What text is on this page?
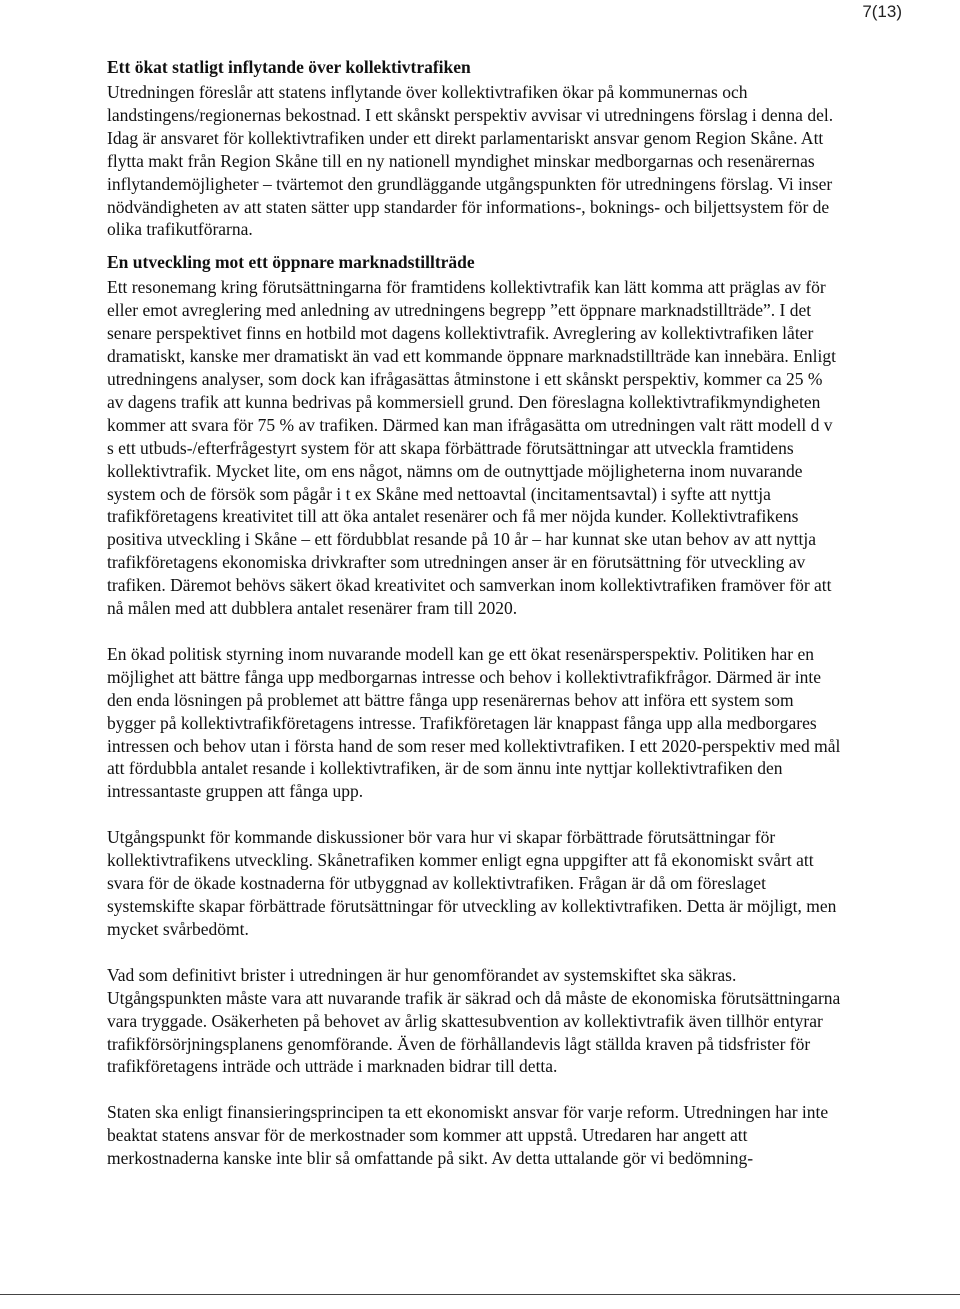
7(13)
Ett ökat statligt inflytande över kollektivtrafiken

Utredningen föreslår att statens inflytande över kollektivtrafiken ökar på kommunernas och landstingens/regionernas bekostnad. I ett skånskt perspektiv avvisar vi utredningens förslag i denna del. Idag är ansvaret för kollektivtrafiken under ett direkt parlamentariskt ansvar genom Region Skåne. Att flytta makt från Region Skåne till en ny nationell myndighet minskar medborgarnas och resenärernas inflytandemöjligheter – tvärtemot den grundläggande utgångspunkten för utredningens förslag. Vi inser nödvändigheten av att staten sätter upp standarder för informations-, boknings- och biljettsystem för de olika trafikutförarna.

En utveckling mot ett öppnare marknadstillträde

Ett resonemang kring förutsättningarna för framtidens kollektivtrafik kan lätt komma att präglas av för eller emot avreglering med anledning av utredningens begrepp ”ett öppnare marknadstillträde”. I det senare perspektivet finns en hotbild mot dagens kollektivtrafik. Avreglering av kollektivtrafiken låter dramatiskt, kanske mer dramatiskt än vad ett kommande öppnare marknadstillträde kan innebära. Enligt utredningens analyser, som dock kan ifrågasättas åtminstone i ett skånskt perspektiv, kommer ca 25 % av dagens trafik att kunna bedrivas på kommersiell grund. Den föreslagna kollektivtrafikmyndigheten kommer att svara för 75 % av trafiken. Därmed kan man ifrågasätta om utredningen valt rätt modell d v s ett utbuds-/efterfrågestyrt system för att skapa förbättrade förutsättningar att utveckla framtidens kollektivtrafik. Mycket lite, om ens något, nämns om de outnyttjade möjligheterna inom nuvarande system och de försök som pågår i t ex Skåne med nettoavtal (incitamentsavtal) i syfte att nyttja trafikföretagens kreativitet till att öka antalet resenärer och få mer nöjda kunder. Kollektivtrafikens positiva utveckling i Skåne – ett fördubblat resande på 10 år – har kunnat ske utan behov av att nyttja trafikföretagens ekonomiska drivkrafter som utredningen anser är en förutsättning för utveckling av trafiken. Däremot behövs säkert ökad kreativitet och samverkan inom kollektivtrafiken framöver för att nå målen med att dubblera antalet resenärer fram till 2020.

En ökad politisk styrning inom nuvarande modell kan ge ett ökat resenärsperspektiv. Politiken har en möjlighet att bättre fånga upp medborgarnas intresse och behov i kollektivtrafikfrågor. Därmed är inte den enda lösningen på problemet att bättre fånga upp resenärernas behov att införa ett system som bygger på kollektivtrafikföretagens intresse. Trafikföretagen lär knappast fånga upp alla medborgares intressen och behov utan i första hand de som reser med kollektivtrafiken. I ett 2020-perspektiv med mål att fördubbla antalet resande i kollektivtrafiken, är de som ännu inte nyttjar kollektivtrafiken den intressantaste gruppen att fånga upp.

Utgångspunkt för kommande diskussioner bör vara hur vi skapar förbättrade förutsättningar för kollektivtrafikens utveckling. Skånetrafiken kommer enligt egna uppgifter att få ekonomiskt svårt att svara för de ökade kostnaderna för utbyggnad av kollektivtrafiken. Frågan är då om föreslaget systemskifte skapar förbättrade förutsättningar för utveckling av kollektivtrafiken. Detta är möjligt, men mycket svårbedömt.

Vad som definitivt brister i utredningen är hur genomförandet av systemskiftet ska säkras. Utgångspunkten måste vara att nuvarande trafik är säkrad och då måste de ekonomiska förutsättningarna vara tryggade. Osäkerheten på behovet av årlig skattesubvention av kollektivtrafik även tillhör entyrar trafikförsörjningsplanens genomförande. Även de förhållandevis lågt ställda kraven på tidsfrister för trafikföretagens inträde och utträde i marknaden bidrar till detta.

Staten ska enligt finansieringsprincipen ta ett ekonomiskt ansvar för varje reform. Utredningen har inte beaktat statens ansvar för de merkostnader som kommer att uppstå. Utredaren har angett att merkostnaderna kanske inte blir så omfattande på sikt. Av detta uttalande gör vi bedömning-
